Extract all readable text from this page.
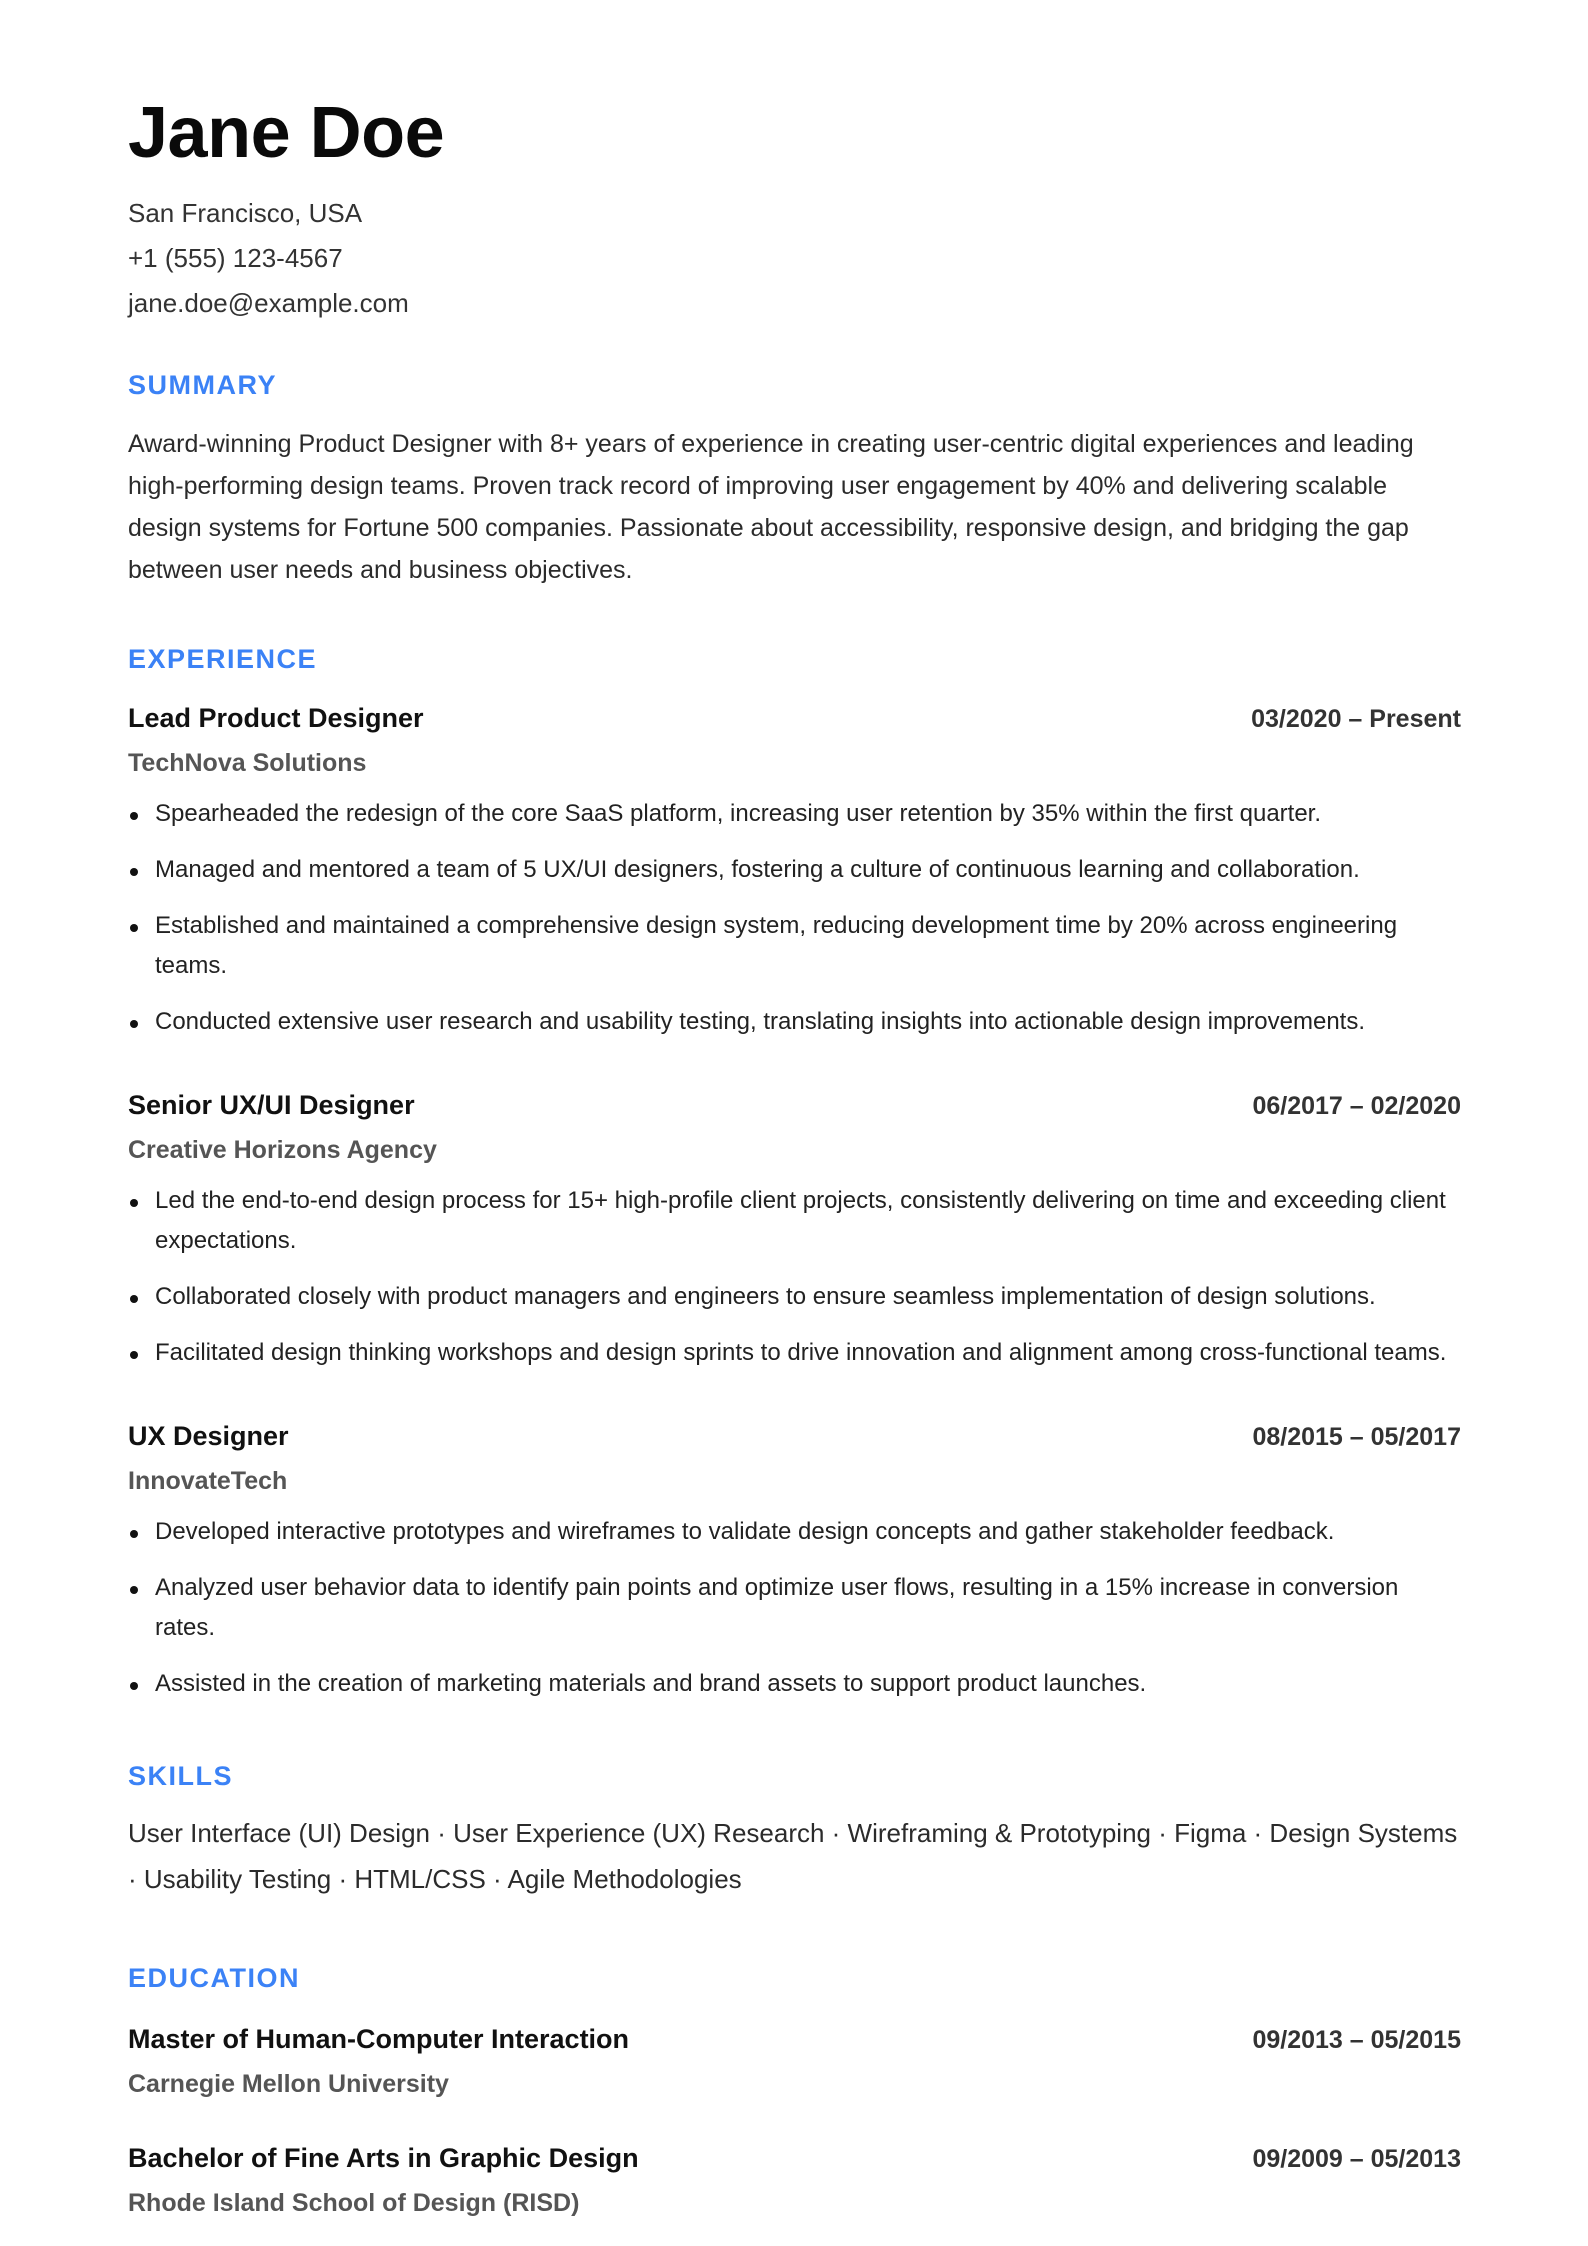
Jane Doe
San Francisco, USA
+1 (555) 123-4567
jane.doe@example.com
SUMMARY
Award-winning Product Designer with 8+ years of experience in creating user-centric digital experiences and leading high-performing design teams. Proven track record of improving user engagement by 40% and delivering scalable design systems for Fortune 500 companies. Passionate about accessibility, responsive design, and bridging the gap between user needs and business objectives.
EXPERIENCE
Lead Product Designer	03/2020 – Present
TechNova Solutions
Spearheaded the redesign of the core SaaS platform, increasing user retention by 35% within the first quarter.
Managed and mentored a team of 5 UX/UI designers, fostering a culture of continuous learning and collaboration.
Established and maintained a comprehensive design system, reducing development time by 20% across engineering teams.
Conducted extensive user research and usability testing, translating insights into actionable design improvements.
Senior UX/UI Designer	06/2017 – 02/2020
Creative Horizons Agency
Led the end-to-end design process for 15+ high-profile client projects, consistently delivering on time and exceeding client expectations.
Collaborated closely with product managers and engineers to ensure seamless implementation of design solutions.
Facilitated design thinking workshops and design sprints to drive innovation and alignment among cross-functional teams.
UX Designer	08/2015 – 05/2017
InnovateTech
Developed interactive prototypes and wireframes to validate design concepts and gather stakeholder feedback.
Analyzed user behavior data to identify pain points and optimize user flows, resulting in a 15% increase in conversion rates.
Assisted in the creation of marketing materials and brand assets to support product launches.
SKILLS
User Interface (UI) Design · User Experience (UX) Research · Wireframing & Prototyping · Figma · Design Systems · Usability Testing · HTML/CSS · Agile Methodologies
EDUCATION
Master of Human-Computer Interaction	09/2013 – 05/2015
Carnegie Mellon University
Bachelor of Fine Arts in Graphic Design	09/2009 – 05/2013
Rhode Island School of Design (RISD)
